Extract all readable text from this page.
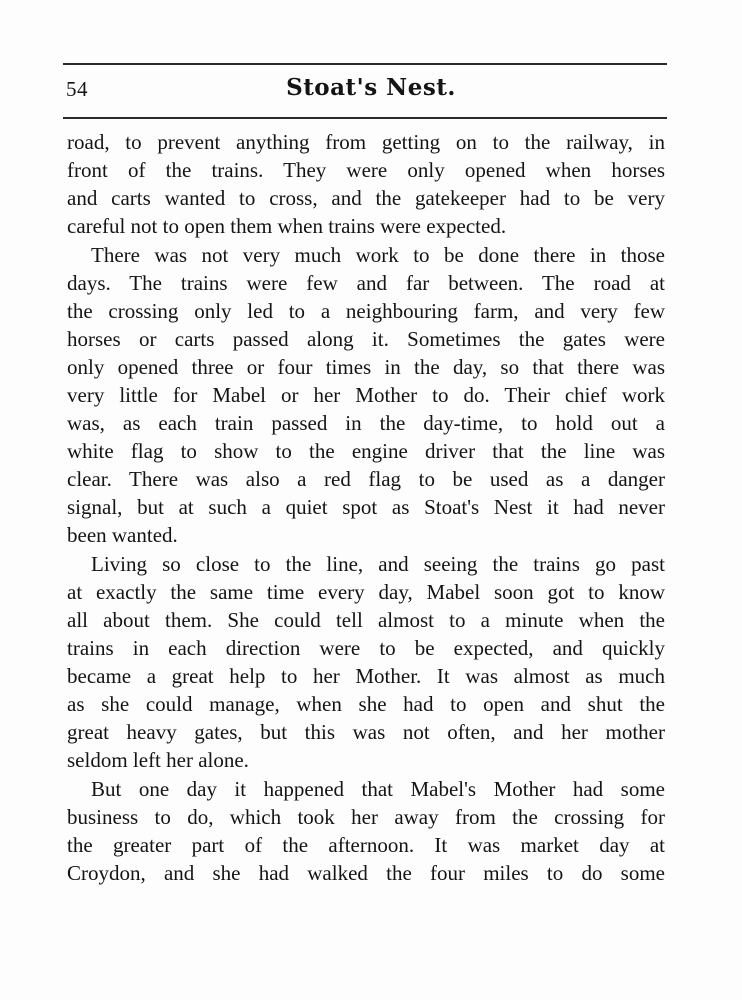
54	Stoat's Nest.
road, to prevent anything from getting on to the railway, in
front of the trains. They were only opened when horses
and carts wanted to cross, and the gatekeeper had to be very
careful not to open them when trains were expected.
There was not very much work to be done there in those
days. The trains were few and far between. The road at
the crossing only led to a neighbouring farm, and very few
horses or carts passed along it. Sometimes the gates were
only opened three or four times in the day, so that there was
very little for Mabel or her Mother to do. Their chief work
was, as each train passed in the day-time, to hold out a
white flag to show to the engine driver that the line was
clear. There was also a red flag to be used as a danger
signal, but at such a quiet spot as Stoat's Nest it had never
been wanted.
Living so close to the line, and seeing the trains go past
at exactly the same time every day, Mabel soon got to know
all about them. She could tell almost to a minute when the
trains in each direction were to be expected, and quickly
became a great help to her Mother. It was almost as much
as she could manage, when she had to open and shut the
great heavy gates, but this was not often, and her mother
seldom left her alone.
But one day it happened that Mabel's Mother had some
business to do, which took her away from the crossing for
the greater part of the afternoon. It was market day at
Croydon, and she had walked the four miles to do some
